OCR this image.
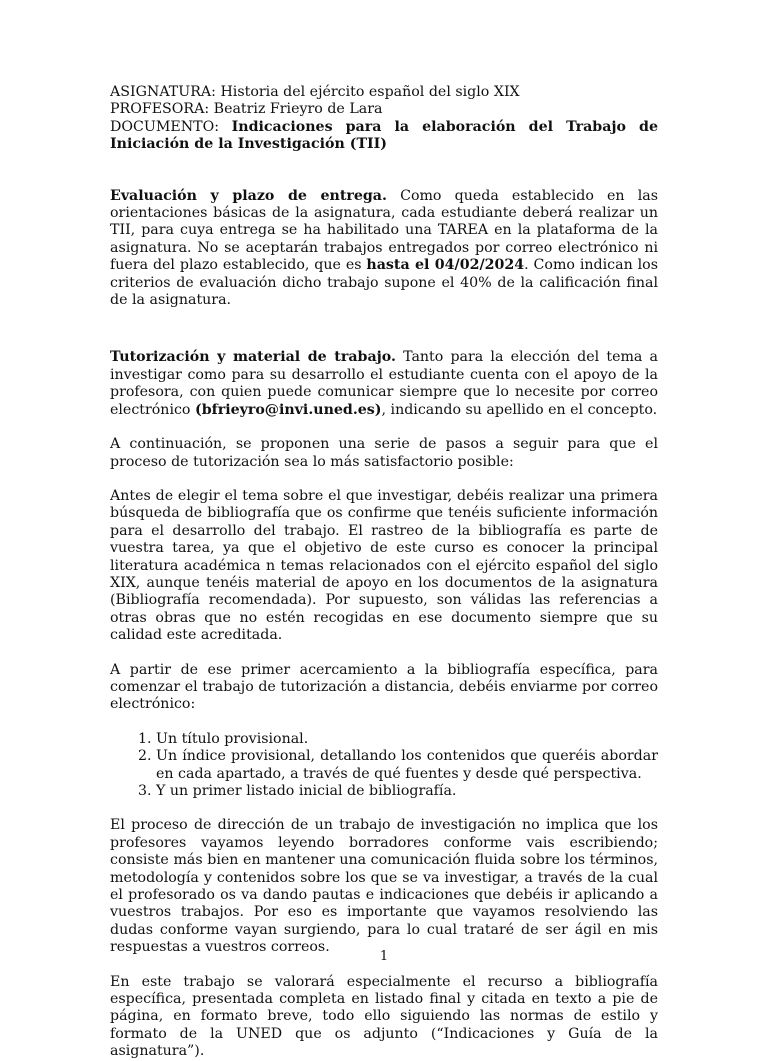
ASIGNATURA: Historia del ejército español del siglo XIX

PROFESORA: Beatriz Frieyro de Lara

DOCUMENTO: Indicaciones para la elaboración del Trabajo de Iniciación de la Investigación (TII)

Evaluación y plazo de entrega. Como queda establecido en las orientaciones básicas de la asignatura, cada estudiante deberá realizar un TII, para cuya entrega se ha habilitado una TAREA en la plataforma de la asignatura. No se aceptarán trabajos entregados por correo electrónico ni fuera del plazo establecido, que es hasta el 04/02/2024. Como indican los criterios de evaluación dicho trabajo supone el 40% de la calificación final de la asignatura.

Tutorización y material de trabajo. Tanto para la elección del tema a investigar como para su desarrollo el estudiante cuenta con el apoyo de la profesora, con quien puede comunicar siempre que lo necesite por correo electrónico (bfrieyro@invi.uned.es), indicando su apellido en el concepto.

A continuación, se proponen una serie de pasos a seguir para que el proceso de tutorización sea lo más satisfactorio posible:

Antes de elegir el tema sobre el que investigar, debéis realizar una primera búsqueda de bibliografía que os confirme que tenéis suficiente información para el desarrollo del trabajo. El rastreo de la bibliografía es parte de vuestra tarea, ya que el objetivo de este curso es conocer la principal literatura académica n temas relacionados con el ejército español del siglo XIX, aunque tenéis material de apoyo en los documentos de la asignatura (Bibliografía recomendada). Por supuesto, son válidas las referencias a otras obras que no estén recogidas en ese documento siempre que su calidad este acreditada.

A partir de ese primer acercamiento a la bibliografía específica, para comenzar el trabajo de tutorización a distancia, debéis enviarme por correo electrónico:

1. Un título provisional.
2. Un índice provisional, detallando los contenidos que queréis abordar en cada apartado, a través de qué fuentes y desde qué perspectiva.
3. Y un primer listado inicial de bibliografía.

El proceso de dirección de un trabajo de investigación no implica que los profesores vayamos leyendo borradores conforme vais escribiendo; consiste más bien en mantener una comunicación fluida sobre los términos, metodología y contenidos sobre los que se va investigar, a través de la cual el profesorado os va dando pautas e indicaciones que debéis ir aplicando a vuestros trabajos. Por eso es importante que vayamos resolviendo las dudas conforme vayan surgiendo, para lo cual trataré de ser ágil en mis respuestas a vuestros correos.

En este trabajo se valorará especialmente el recurso a bibliografía específica, presentada completa en listado final y citada en texto a pie de página, en formato breve, todo ello siguiendo las normas de estilo y formato de la UNED que os adjunto (“Indicaciones y Guía de la asignatura”).

1
